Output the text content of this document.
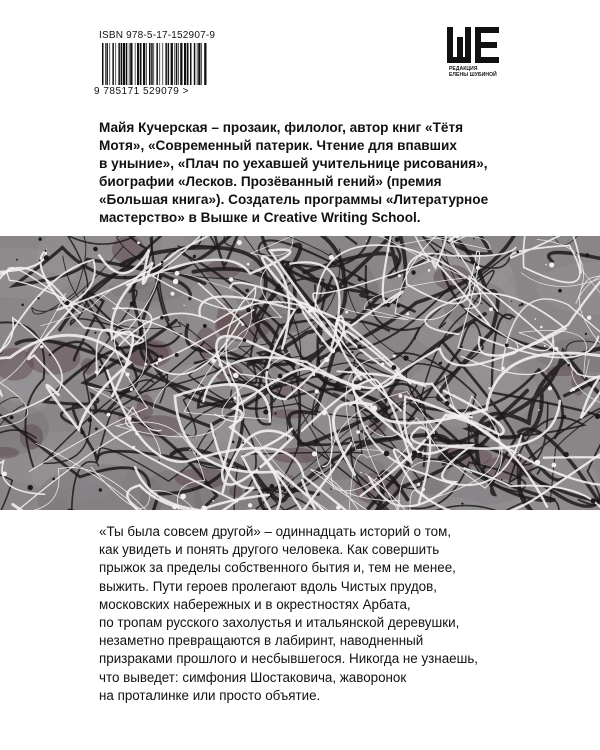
ISBN 978-5-17-152907-9
9 785171 529079 >
РЕДАКЦИЯ
ЕЛЕНЫ ШУБИНОЙ
Майя Кучерская – прозаик, филолог, автор книг «Тётя
Мотя», «Современный патерик. Чтение для впавших
в уныние», «Плач по уехавшей учительнице рисования»,
биографии «Лесков. Прозёванный гений» (премия
«Большая книга»). Создатель программы «Литературное
мастерство» в Вышке и Creative Writing School.
«Ты была совсем другой» – одиннадцать историй о том,
как увидеть и понять другого человека. Как совершить
прыжок за пределы собственного бытия и, тем не менее,
выжить. Пути героев пролегают вдоль Чистых прудов,
московских набережных и в окрестностях Арбата,
по тропам русского захолустья и итальянской деревушки,
незаметно превращаются в лабиринт, наводненный
призраками прошлого и несбывшегося. Никогда не узнаешь,
что выведет: симфония Шостаковича, жаворонок
на проталинке или просто объятие.
